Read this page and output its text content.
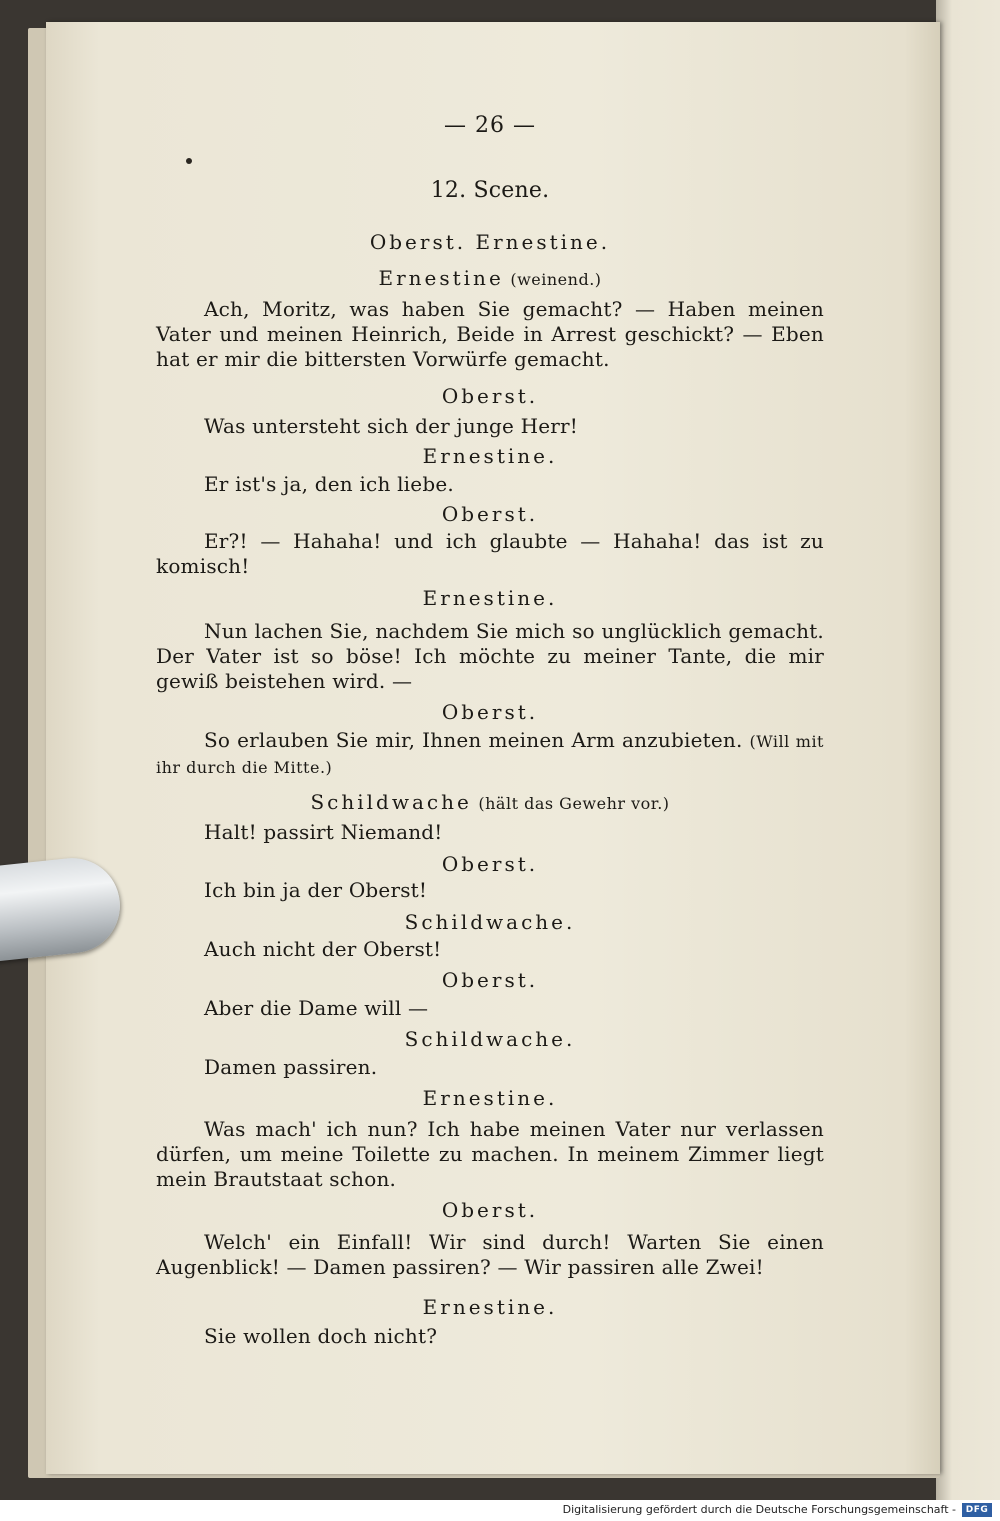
— 26 —
12. Scene.
Oberst. Ernestine.
Ernestine (weinend.)
Ach, Moritz, was haben Sie gemacht? — Haben meinen Vater und meinen Heinrich, Beide in Arrest geschickt? — Eben hat er mir die bittersten Vorwürfe gemacht.
Oberst.
Was untersteht sich der junge Herr!
Ernestine.
Er ist's ja, den ich liebe.
Oberst.
Er?! — Hahaha! und ich glaubte — Hahaha! das ist zu komisch!
Ernestine.
Nun lachen Sie, nachdem Sie mich so unglücklich gemacht. Der Vater ist so böse! Ich möchte zu meiner Tante, die mir gewiß beistehen wird. —
Oberst.
So erlauben Sie mir, Ihnen meinen Arm anzubieten. (Will mit ihr durch die Mitte.)
Schildwache (hält das Gewehr vor.)
Halt! passirt Niemand!
Oberst.
Ich bin ja der Oberst!
Schildwache.
Auch nicht der Oberst!
Oberst.
Aber die Dame will —
Schildwache.
Damen passiren.
Ernestine.
Was mach' ich nun? Ich habe meinen Vater nur verlassen dürfen, um meine Toilette zu machen. In meinem Zimmer liegt mein Brautstaat schon.
Oberst.
Welch' ein Einfall! Wir sind durch! Warten Sie einen Augenblick! — Damen passiren? — Wir passiren alle Zwei!
Ernestine.
Sie wollen doch nicht?
Digitalisierung gefördert durch die Deutsche Forschungsgemeinschaft -	DFG
